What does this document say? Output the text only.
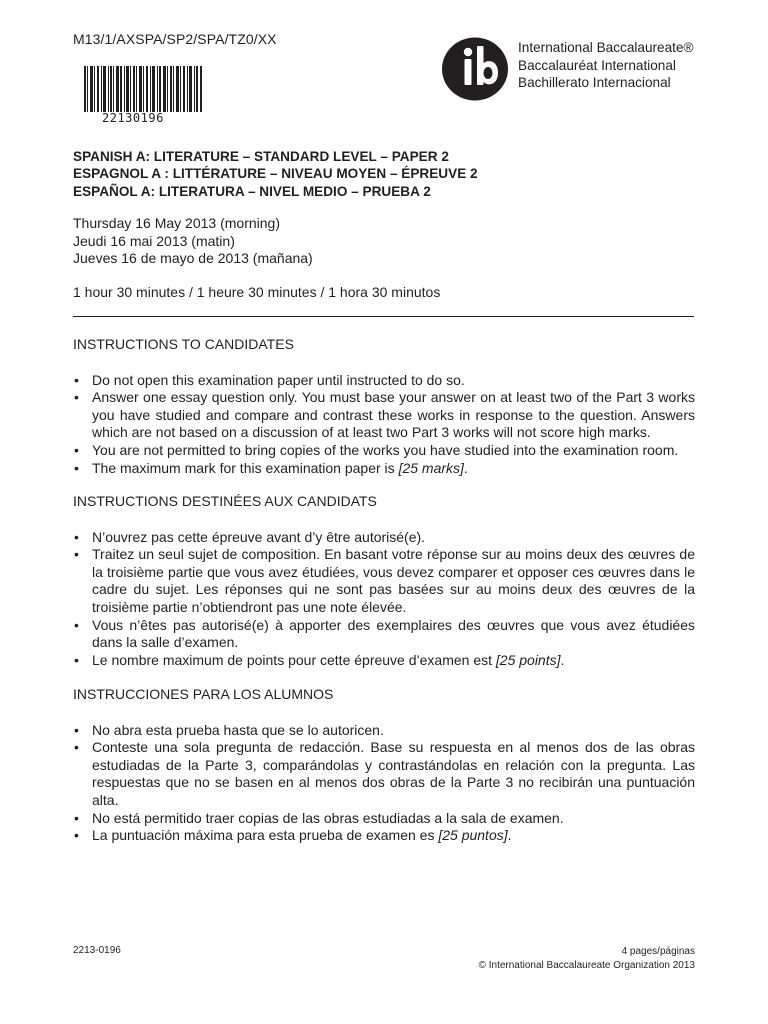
M13/1/AXSPA/SP2/SPA/TZ0/XX
22130196
International Baccalaureate®
Baccalauréat International
Bachillerato Internacional
SPANISH A: LITERATURE – STANDARD LEVEL – PAPER 2
ESPAGNOL A : LITTÉRATURE – NIVEAU MOYEN – ÉPREUVE 2
ESPAÑOL A: LITERATURA – NIVEL MEDIO – PRUEBA 2
Thursday 16 May 2013 (morning)
Jeudi 16 mai 2013 (matin)
Jueves 16 de mayo de 2013 (mañana)
1 hour 30 minutes / 1 heure 30 minutes / 1 hora 30 minutos
INSTRUCTIONS TO CANDIDATES
• Do not open this examination paper until instructed to do so.
• Answer one essay question only. You must base your answer on at least two of the Part 3 works you have studied and compare and contrast these works in response to the question. Answers which are not based on a discussion of at least two Part 3 works will not score high marks.
• You are not permitted to bring copies of the works you have studied into the examination room.
• The maximum mark for this examination paper is [25 marks].
INSTRUCTIONS DESTINÉES AUX CANDIDATS
• N’ouvrez pas cette épreuve avant d’y être autorisé(e).
• Traitez un seul sujet de composition. En basant votre réponse sur au moins deux des œuvres de la troisième partie que vous avez étudiées, vous devez comparer et opposer ces œuvres dans le cadre du sujet. Les réponses qui ne sont pas basées sur au moins deux des œuvres de la troisième partie n’obtiendront pas une note élevée.
• Vous n’êtes pas autorisé(e) à apporter des exemplaires des œuvres que vous avez étudiées dans la salle d’examen.
• Le nombre maximum de points pour cette épreuve d’examen est [25 points].
INSTRUCCIONES PARA LOS ALUMNOS
• No abra esta prueba hasta que se lo autoricen.
• Conteste una sola pregunta de redacción. Base su respuesta en al menos dos de las obras estudiadas de la Parte 3, comparándolas y contrastándolas en relación con la pregunta. Las respuestas que no se basen en al menos dos obras de la Parte 3 no recibirán una puntuación alta.
• No está permitido traer copias de las obras estudiadas a la sala de examen.
• La puntuación máxima para esta prueba de examen es [25 puntos].
2213-0196	4 pages/páginas
© International Baccalaureate Organization 2013
